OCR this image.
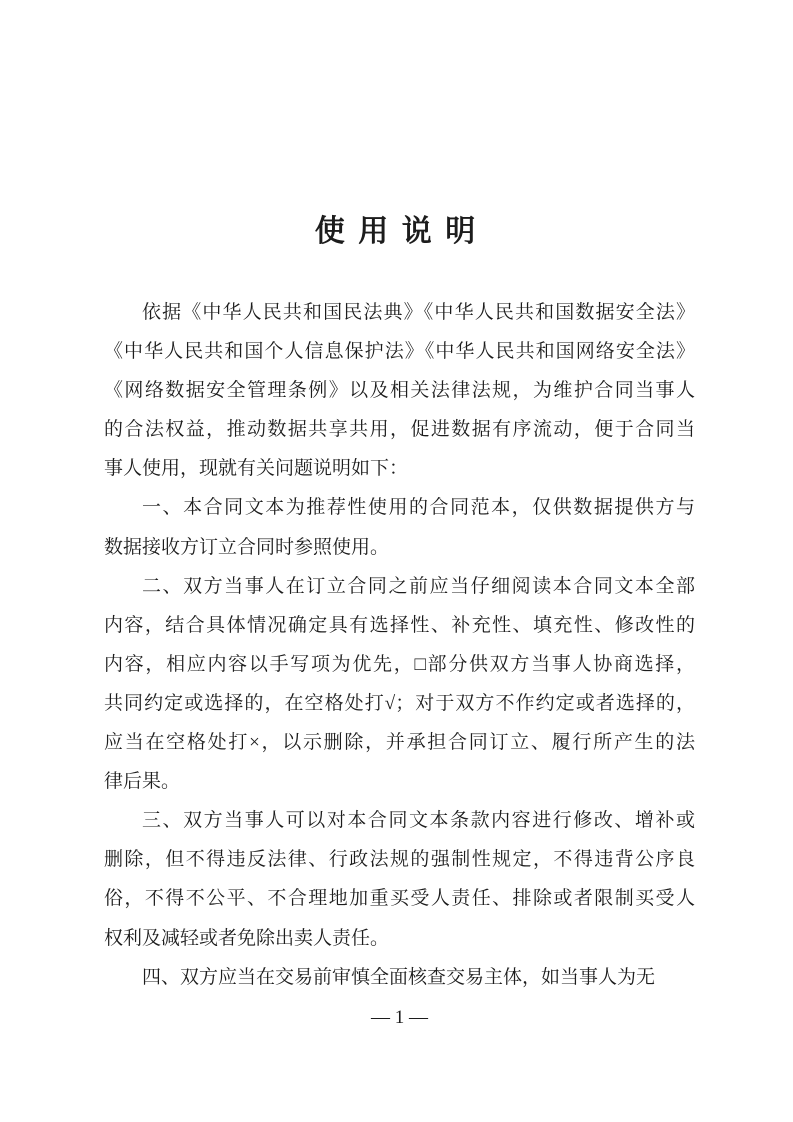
使 用 说 明
依据《中华人民共和国民法典》《中华人民共和国数据安全法》
《中华人民共和国个人信息保护法》《中华人民共和国网络安全法》
《网络数据安全管理条例》以及相关法律法规，为维护合同当事人
的合法权益，推动数据共享共用，促进数据有序流动，便于合同当
事人使用，现就有关问题说明如下：
一、本合同文本为推荐性使用的合同范本，仅供数据提供方与
数据接收方订立合同时参照使用。
二、双方当事人在订立合同之前应当仔细阅读本合同文本全部
内容，结合具体情况确定具有选择性、补充性、填充性、修改性的
内容，相应内容以手写项为优先，□部分供双方当事人协商选择，
共同约定或选择的，在空格处打√；对于双方不作约定或者选择的，
应当在空格处打×，以示删除，并承担合同订立、履行所产生的法
律后果。
三、双方当事人可以对本合同文本条款内容进行修改、增补或
删除，但不得违反法律、行政法规的强制性规定，不得违背公序良
俗，不得不公平、不合理地加重买受人责任、排除或者限制买受人
权利及减轻或者免除出卖人责任。
四、双方应当在交易前审慎全面核查交易主体，如当事人为无
— 1 —
